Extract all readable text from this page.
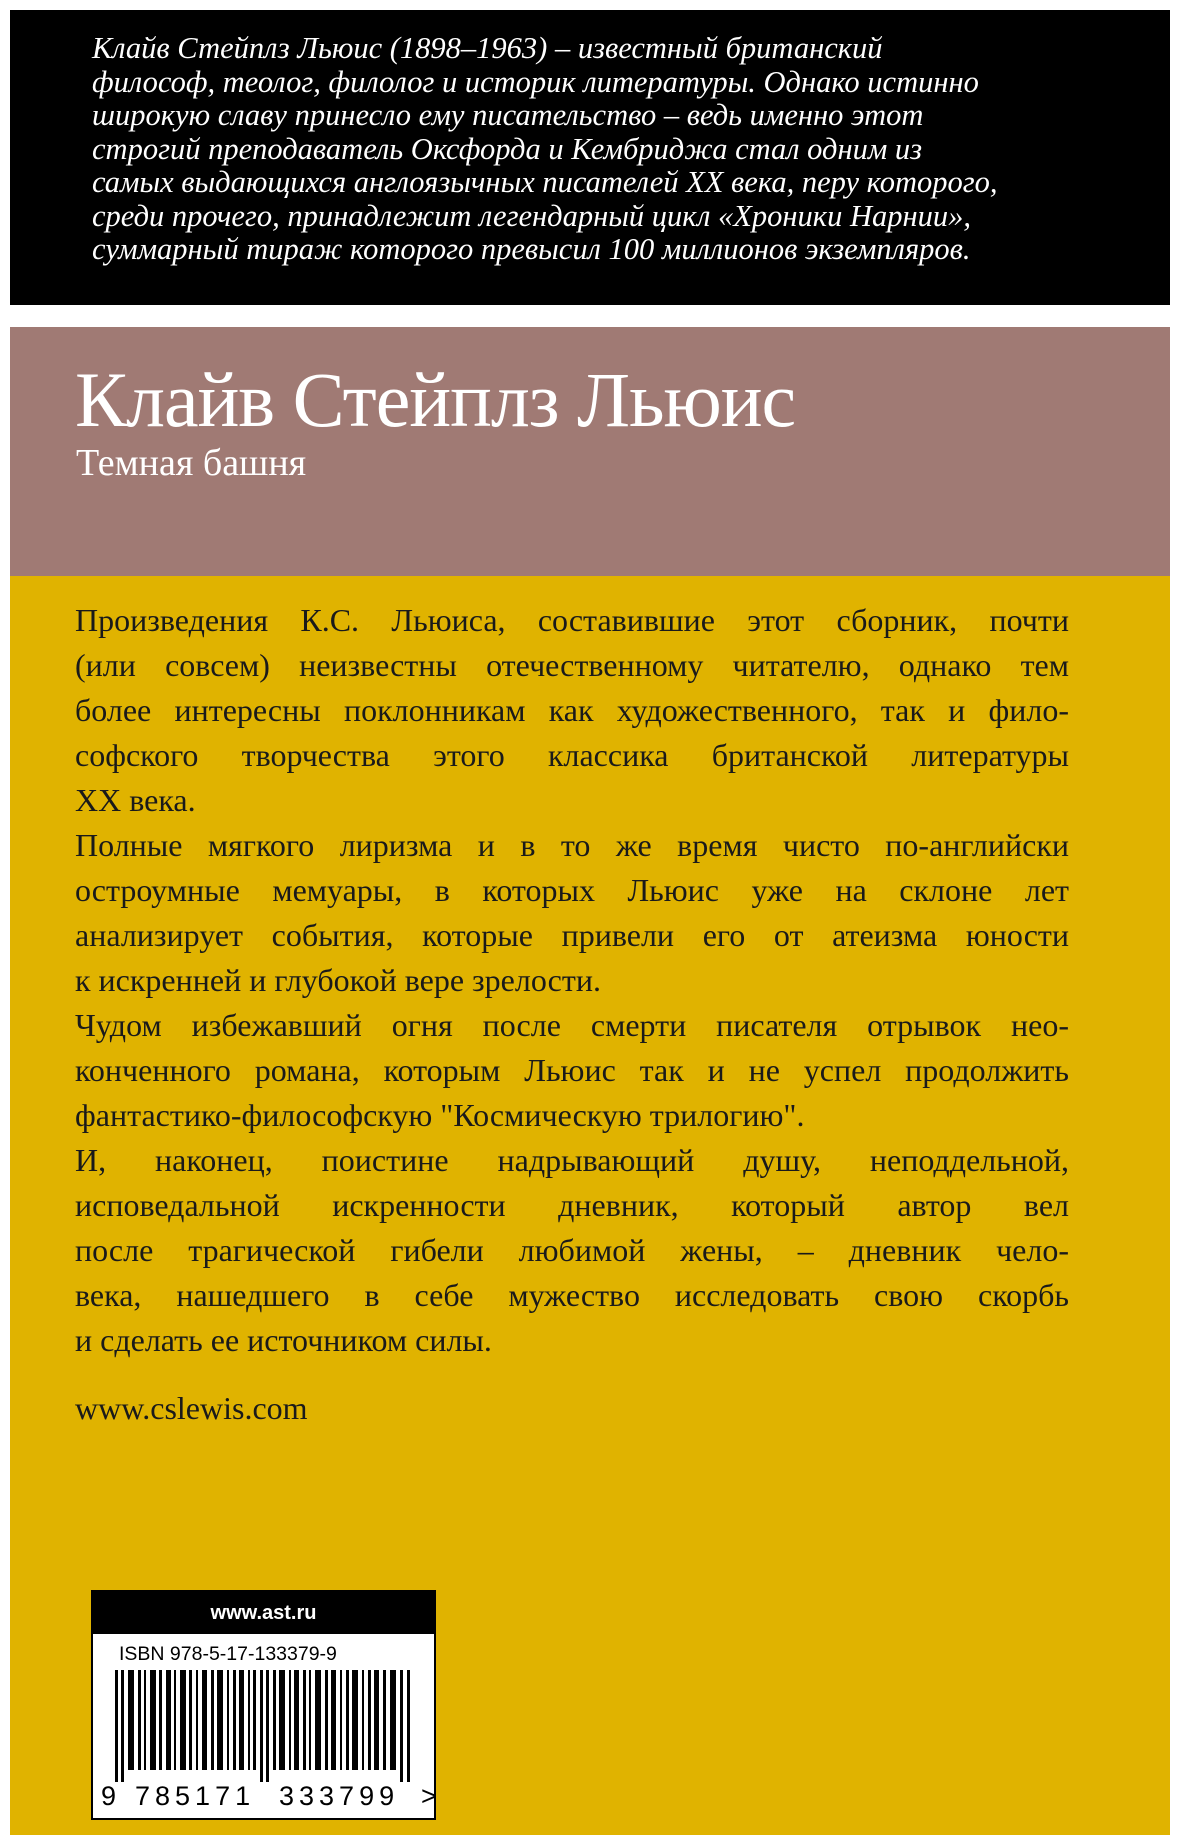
Клайв Стейплз Льюис (1898–1963) – известный британский
философ, теолог, филолог и историк литературы. Однако истинно
широкую славу принесло ему писательство – ведь именно этот
строгий преподаватель Оксфорда и Кембриджа стал одним из
самых выдающихся англоязычных писателей XX века, перу которого,
среди прочего, принадлежит легендарный цикл «Хроники Нарнии»,
суммарный тираж которого превысил 100 миллионов экземпляров.
Клайв Стейплз Льюис
Темная башня
Произведения К.С. Льюиса, составившие этот сборник, почти
(или совсем) неизвестны отечественному читателю, однако тем
более интересны поклонникам как художественного, так и фило-
софского творчества этого классика британской литературы
XX века.
Полные мягкого лиризма и в то же время чисто по-английски
остроумные мемуары, в которых Льюис уже на склоне лет
анализирует события, которые привели его от атеизма юности
к искренней и глубокой вере зрелости.
Чудом избежавший огня после смерти писателя отрывок нео-
конченного романа, которым Льюис так и не успел продолжить
фантастико-философскую "Космическую трилогию".
И, наконец, поистине надрывающий душу, неподдельной,
исповедальной искренности дневник, который автор вел
после трагической гибели любимой жены, – дневник чело-
века, нашедшего в себе мужество исследовать свою скорбь
и сделать ее источником силы.
www.cslewis.com
www.ast.ru
ISBN 978-5-17-133379-9
9 785171 333799 >
